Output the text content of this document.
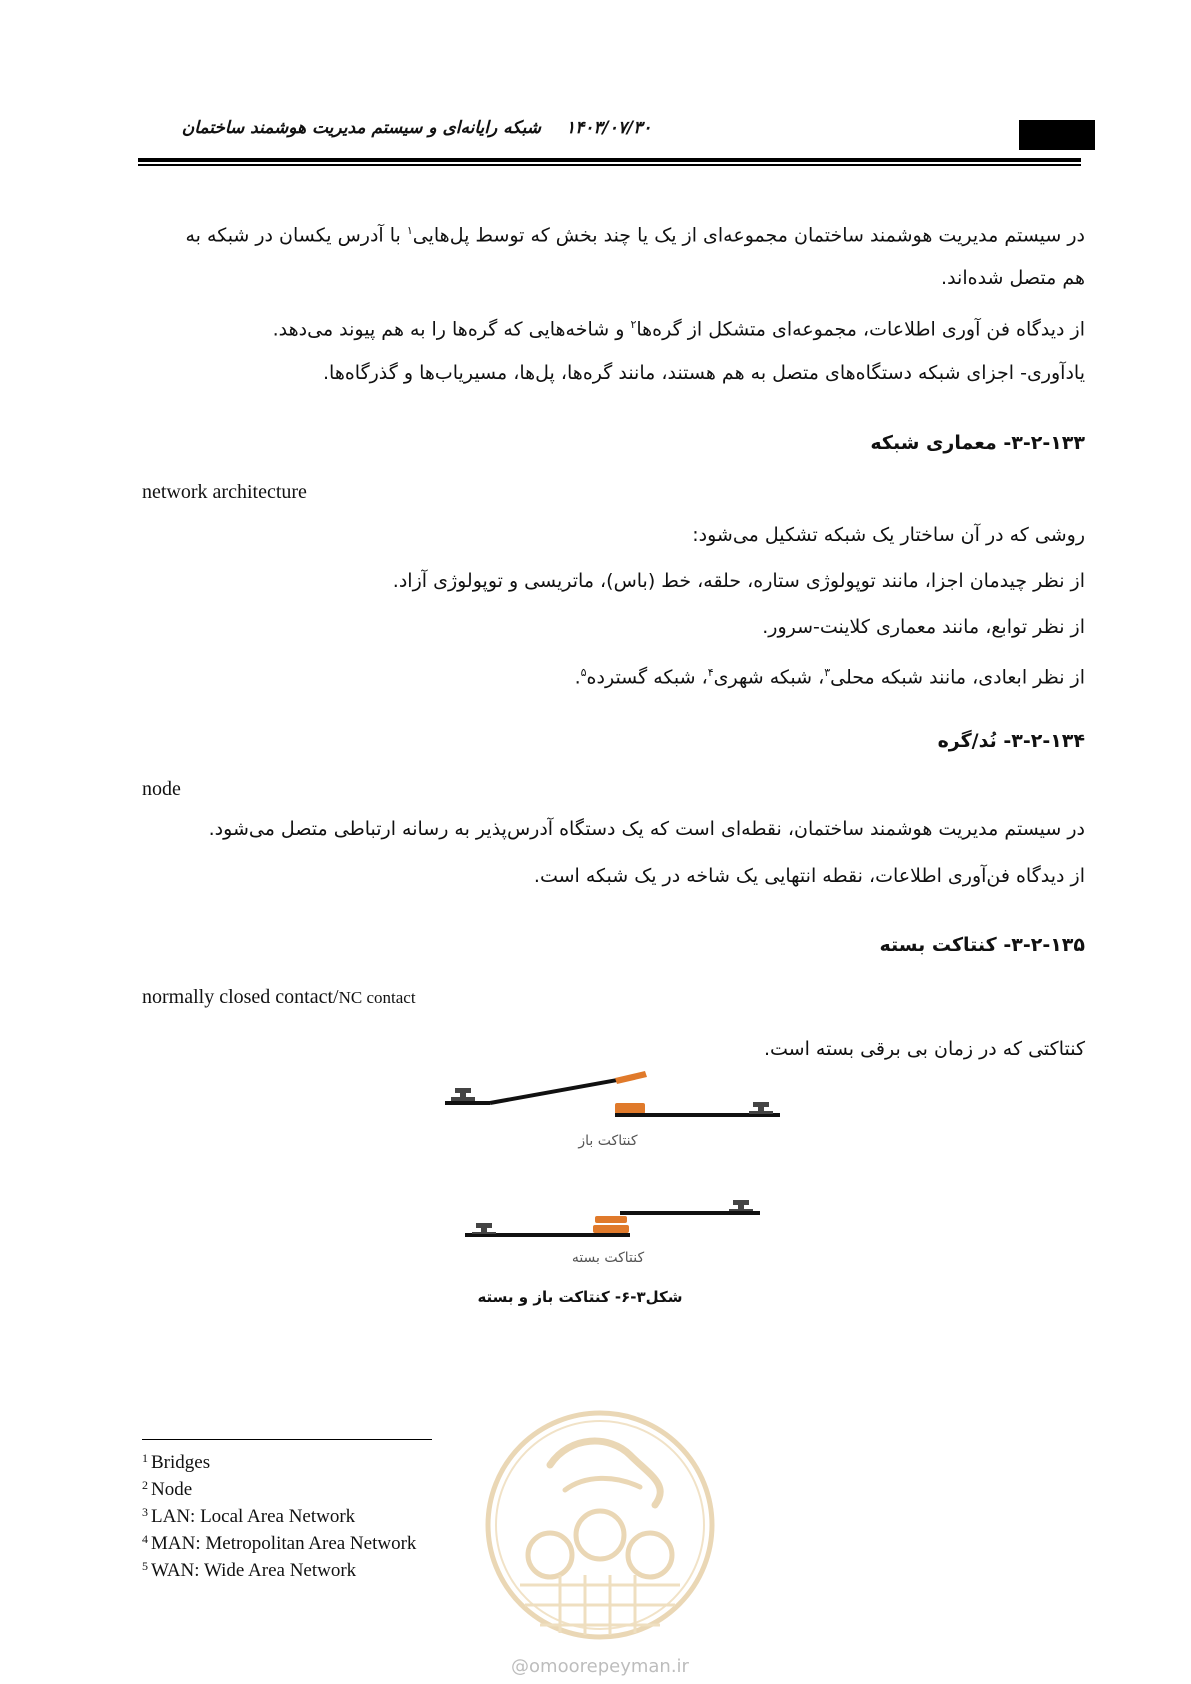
شبکه رایانه‌ای و سیستم‌ مدیریت هوشمند ساختمان ۱۴۰۳/۰۷/۳۰
در سیستم مدیریت هوشمند ساختمان مجموعه‌ای از یک یا چند بخش که توسط پل‌هایی$^۱$ با آدرس یکسان در شبکه به
هم متصل شده‌اند.
از دیدگاه فن آوری اطلاعات، مجموعه‌ای متشکل از گره‌ها$^۲$ و شاخه‌هایی که گره‌ها را به هم پیوند می‌دهد.
یادآوری- اجزای شبکه دستگاه‌های متصل به هم هستند، مانند گره‌ها، پل‌ها، مسیریاب‌ها و گذرگاه‌ها.
۳-۲-۱۳۳- معماری شبکه
network architecture
روشی که در آن ساختار یک شبکه تشکیل می‌شود:
از نظر چیدمان اجزا، مانند توپولوژی ستاره، حلقه، خط (باس)، ماتریسی و توپولوژی آزاد.
از نظر توابع، مانند معماری کلاینت-سرور.
از نظر ابعادی، مانند شبکه محلی$^۳$، شبکه شهری$^۴$، شبکه گسترده$^۵$.
۳-۲-۱۳۴- نُد/گره
node
در سیستم مدیریت هوشمند ساختمان، نقطه‌ای است که یک دستگاه آدرس‌پذیر به رسانه ارتباطی متصل می‌شود.
از دیدگاه فن‌آوری اطلاعات، نقطه انتهایی یک شاخه در یک شبکه است.
۳-۲-۱۳۵- کنتاکت بسته
normally closed contact/NC contact
کنتاکتی که در زمان بی برقی بسته است.
کنتاکت باز
کنتاکت بسته
شکل۳-۶- کنتاکت باز و بسته
$^1$ Bridges
$^2$ Node
$^3$ LAN: Local Area Network
$^4$ MAN: Metropolitan Area Network
$^5$ WAN: Wide Area Network
@omoorepeyman.ir
